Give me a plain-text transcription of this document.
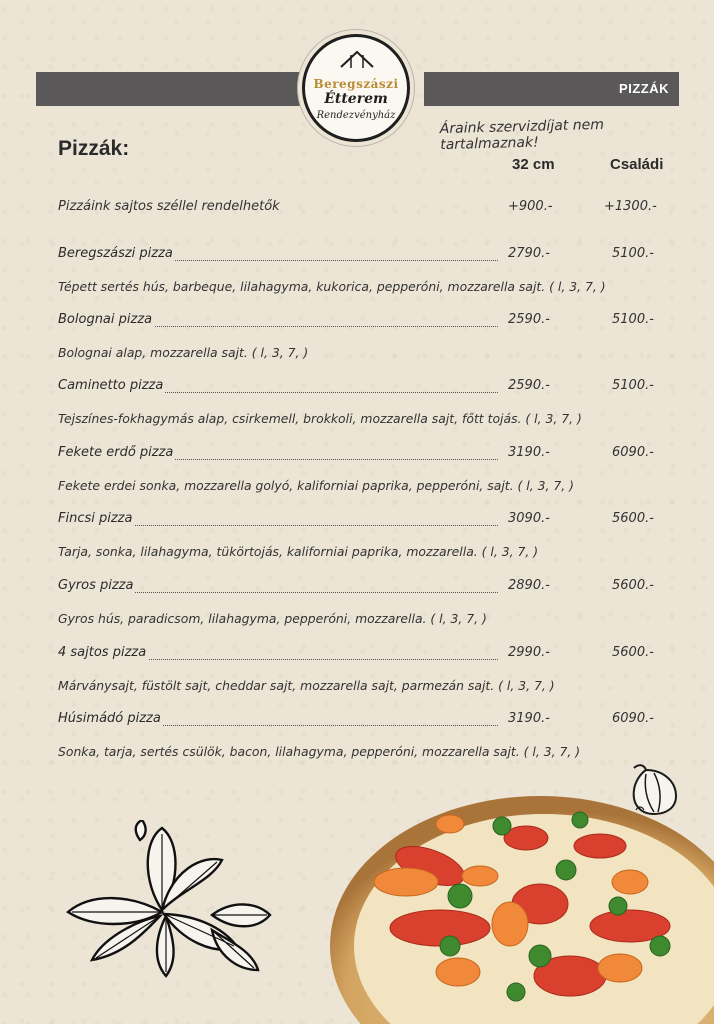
PIZZÁK
Beregszászi
Étterem
Rendezvényház
Áraink szervizdíjat nem tartalmaznak!
Pizzák:
32 cm	Családi
Pizzáink sajtos széllel rendelhetők	+900.-	+1300.-
Beregszászi pizza	2790.-	5100.-
Tépett sertés hús, barbeque, lilahagyma, kukorica, pepperóni, mozzarella sajt. ( l, 3, 7, )
Bolognai pizza	2590.-	5100.-
Bolognai alap, mozzarella sajt. ( l, 3, 7, )
Caminetto pizza	2590.-	5100.-
Tejszínes-fokhagymás alap, csirkemell, brokkoli, mozzarella sajt, főtt tojás. ( l, 3, 7, )
Fekete erdő pizza	3190.-	6090.-
Fekete erdei sonka, mozzarella golyó, kaliforniai paprika, pepperóni, sajt. ( l, 3, 7, )
Fincsi pizza	3090.-	5600.-
Tarja, sonka, lilahagyma, tükörtojás, kaliforniai paprika, mozzarella. ( l, 3, 7, )
Gyros pizza	2890.-	5600.-
Gyros hús, paradicsom, lilahagyma, pepperóni, mozzarella. ( l, 3, 7, )
4 sajtos pizza	2990.-	5600.-
Márványsajt, füstölt sajt, cheddar sajt, mozzarella sajt, parmezán sajt. ( l, 3, 7, )
Húsimádó pizza	3190.-	6090.-
Sonka, tarja, sertés csülök, bacon, lilahagyma, pepperóni, mozzarella sajt. ( l, 3, 7, )
